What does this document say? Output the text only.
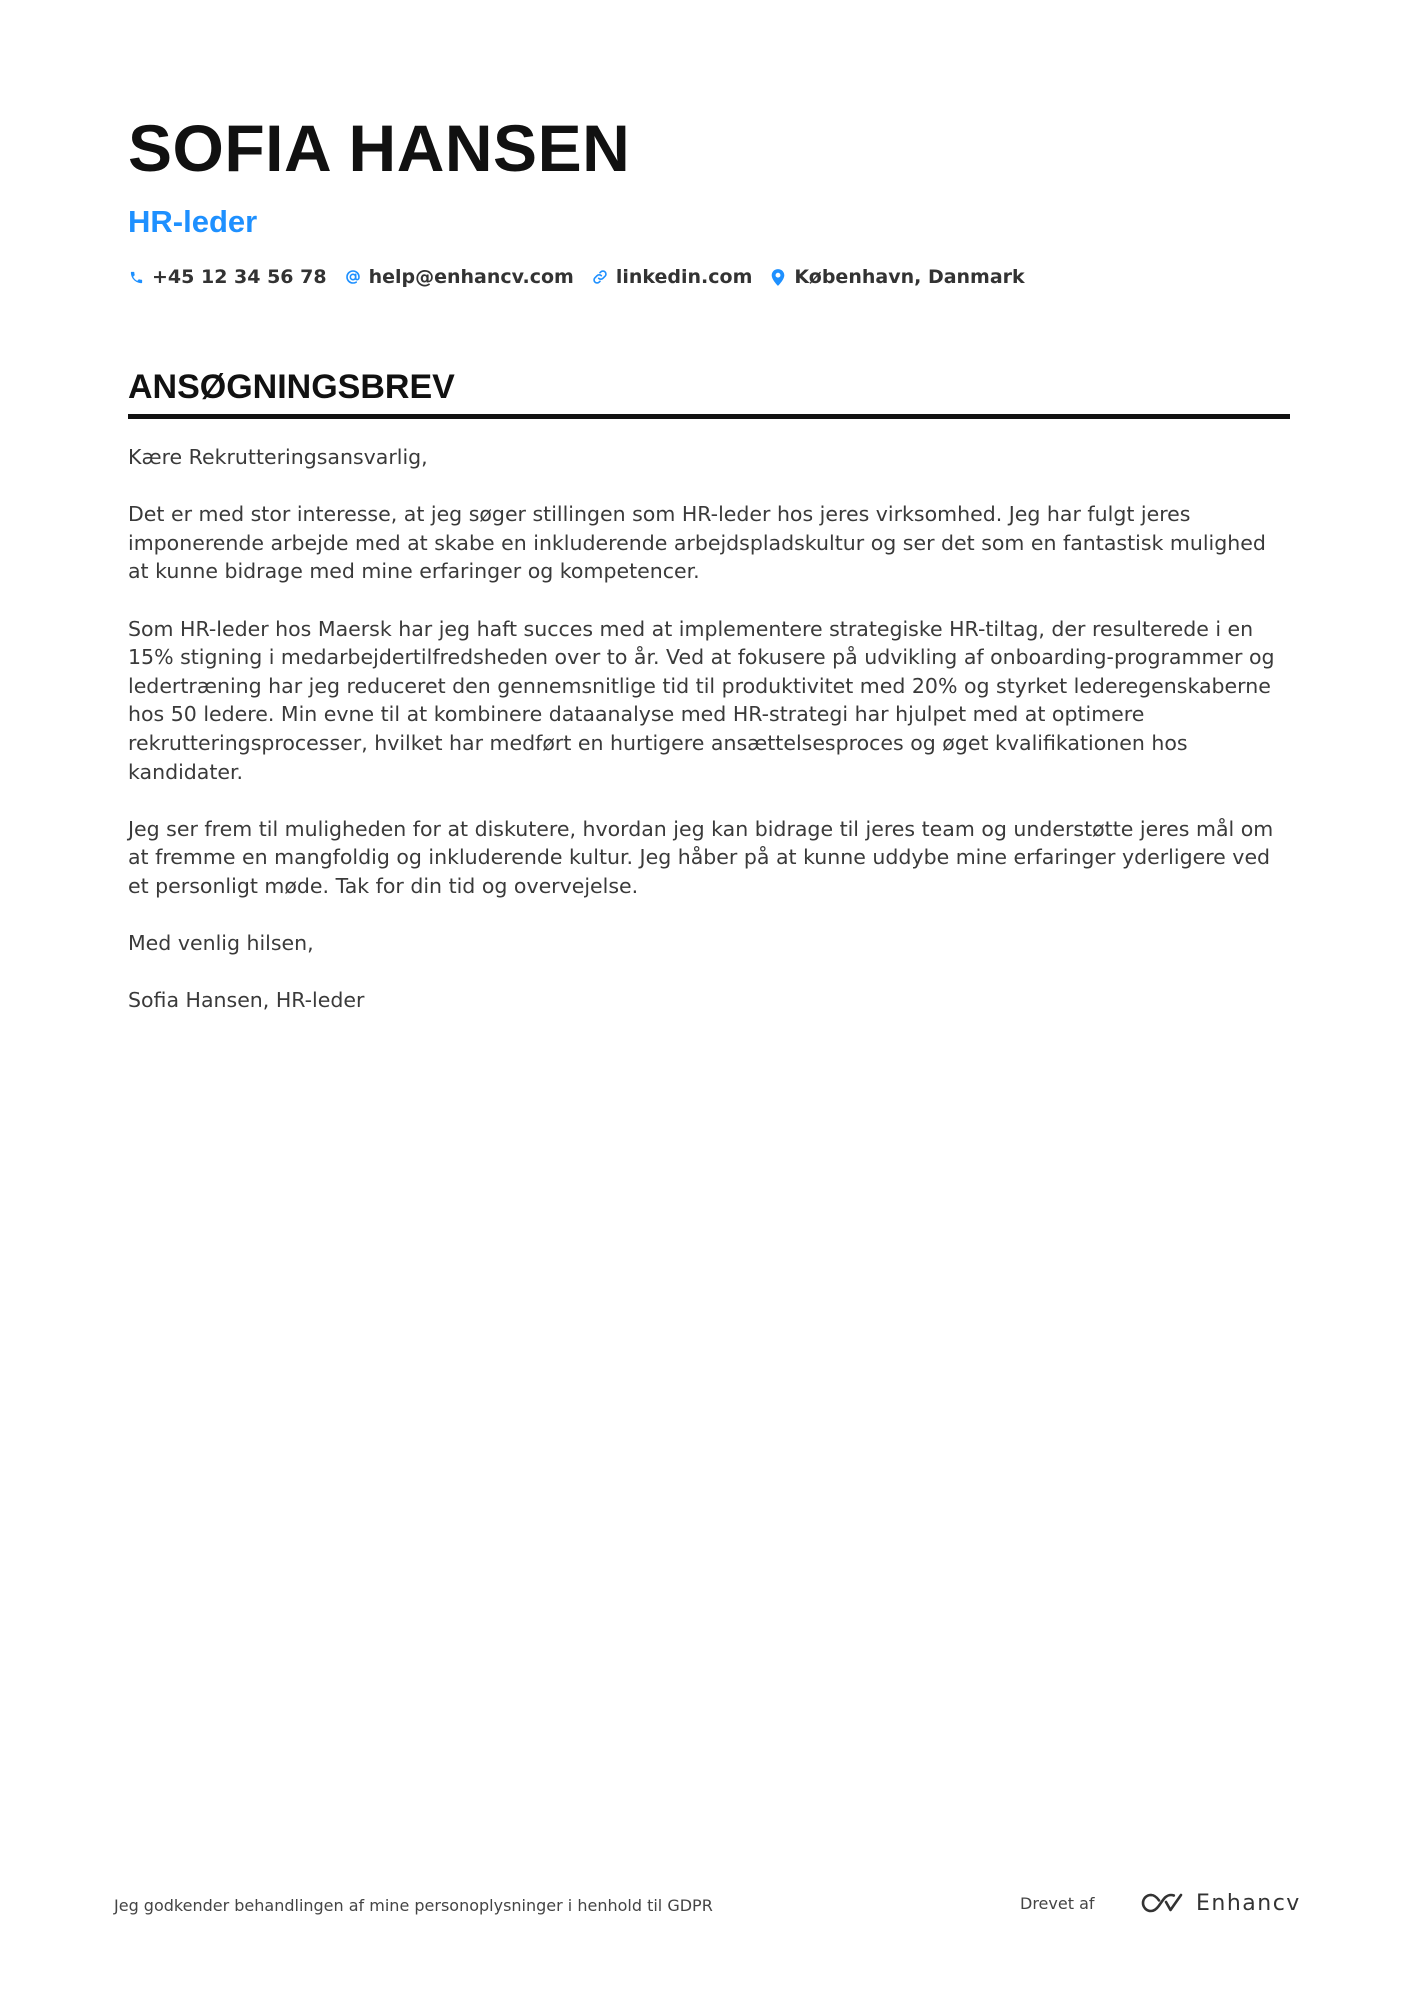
SOFIA HANSEN
HR-leder
+45 12 34 56 78 help@enhancv.com linkedin.com København, Danmark
ANSØGNINGSBREV

Kære Rekrutteringsansvarlig,

Det er med stor interesse, at jeg søger stillingen som HR-leder hos jeres virksomhed. Jeg har fulgt jeres imponerende arbejde med at skabe en inkluderende arbejdspladskultur og ser det som en fantastisk mulighed at kunne bidrage med mine erfaringer og kompetencer.

Som HR-leder hos Maersk har jeg haft succes med at implementere strategiske HR-tiltag, der resulterede i en 15% stigning i medarbejdertilfredsheden over to år. Ved at fokusere på udvikling af onboarding-programmer og ledertræning har jeg reduceret den gennemsnitlige tid til produktivitet med 20% og styrket lederegenskaberne hos 50 ledere. Min evne til at kombinere dataanalyse med HR-strategi har hjulpet med at optimere rekrutteringsprocesser, hvilket har medført en hurtigere ansættelsesproces og øget kvalifikationen hos kandidater.

Jeg ser frem til muligheden for at diskutere, hvordan jeg kan bidrage til jeres team og understøtte jeres mål om at fremme en mangfoldig og inkluderende kultur. Jeg håber på at kunne uddybe mine erfaringer yderligere ved et personligt møde. Tak for din tid og overvejelse.

Med venlig hilsen,

Sofia Hansen, HR-leder

Jeg godkender behandlingen af mine personoplysninger i henhold til GDPR	Drevet af	Enhancv
